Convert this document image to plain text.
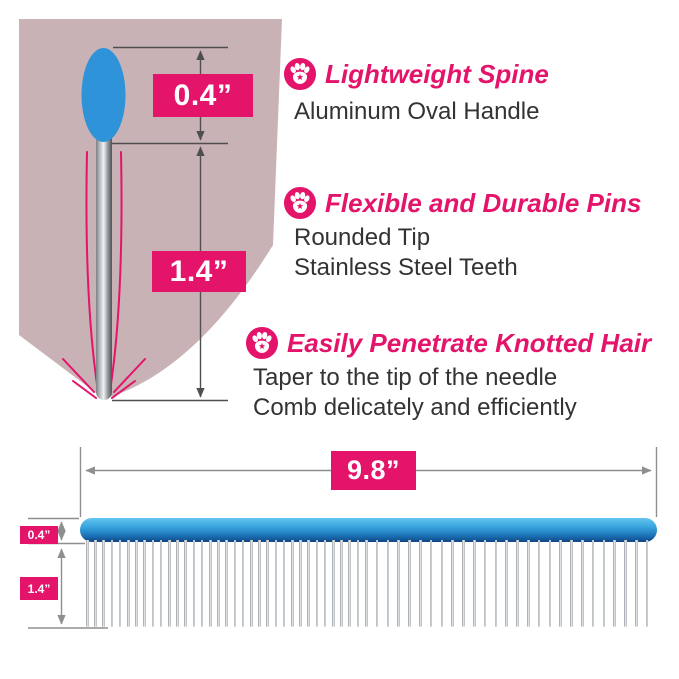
0.4”
1.4”
9.8”
0.4”
1.4”
Lightweight Spine
Aluminum Oval Handle
Flexible and Durable Pins
Rounded Tip
Stainless Steel Teeth
Easily Penetrate Knotted Hair
Taper to the tip of the needle
Comb delicately and efficiently
